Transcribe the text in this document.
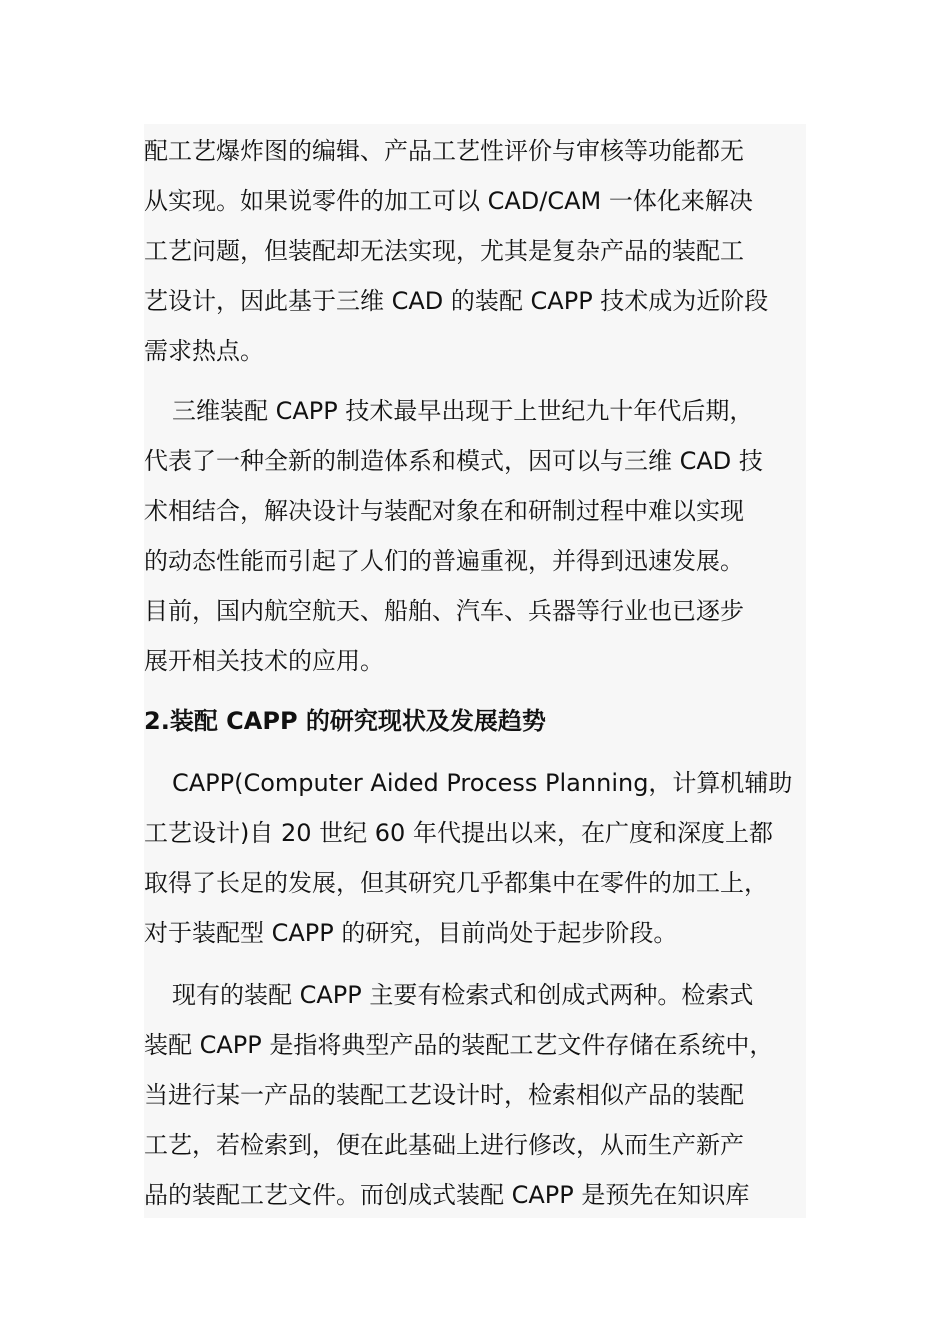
配工艺爆炸图的编辑、产品工艺性评价与审核等功能都无
从实现。如果说零件的加工可以 CAD/CAM 一体化来解决
工艺问题，但装配却无法实现，尤其是复杂产品的装配工
艺设计，因此基于三维 CAD 的装配 CAPP 技术成为近阶段
需求热点。
三维装配 CAPP 技术最早出现于上世纪九十年代后期，
代表了一种全新的制造体系和模式，因可以与三维 CAD 技
术相结合，解决设计与装配对象在和研制过程中难以实现
的动态性能而引起了人们的普遍重视，并得到迅速发展。
目前，国内航空航天、船舶、汽车、兵器等行业也已逐步
展开相关技术的应用。
2.装配 CAPP 的研究现状及发展趋势
CAPP(Computer Aided Process Planning，计算机辅助
工艺设计)自 20 世纪 60 年代提出以来，在广度和深度上都
取得了长足的发展，但其研究几乎都集中在零件的加工上，
对于装配型 CAPP 的研究，目前尚处于起步阶段。
现有的装配 CAPP 主要有检索式和创成式两种。检索式
装配 CAPP 是指将典型产品的装配工艺文件存储在系统中，
当进行某一产品的装配工艺设计时，检索相似产品的装配
工艺，若检索到，便在此基础上进行修改，从而生产新产
品的装配工艺文件。而创成式装配 CAPP 是预先在知识库
